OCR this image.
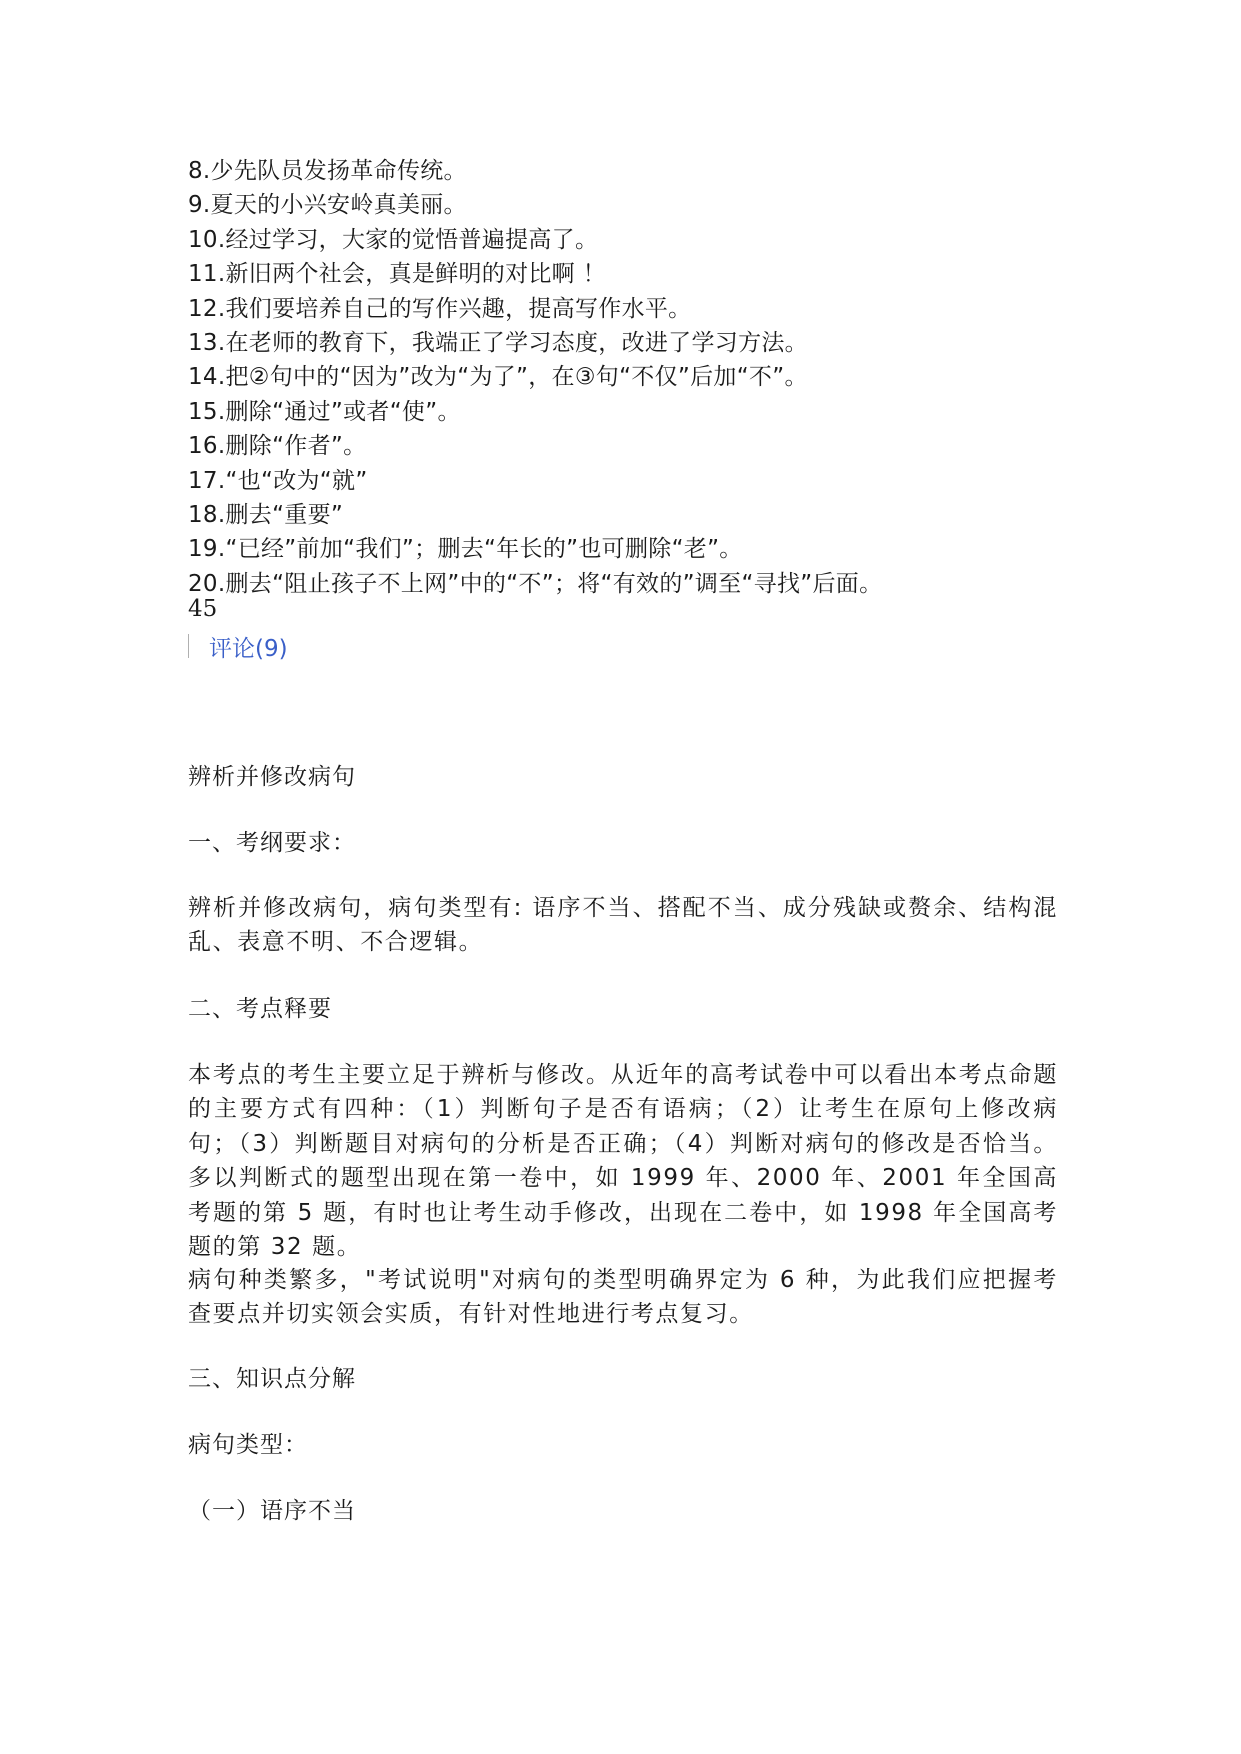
8.少先队员发扬革命传统。
9.夏天的小兴安岭真美丽。
10.经过学习，大家的觉悟普遍提高了。
11.新旧两个社会，真是鲜明的对比啊 ！
12.我们要培养自己的写作兴趣，提高写作水平。
13.在老师的教育下，我端正了学习态度，改进了学习方法。
14.把②句中的“因为”改为“为了”，在③句“不仅”后加“不”。
15.删除“通过”或者“使”。
16.删除“作者”。
17.“也“改为“就”
18.删去“重要”
19.“已经”前加“我们”；删去“年长的”也可删除“老”。
20.删去“阻止孩子不上网”中的“不”；将“有效的”调至“寻找”后面。
45
评论(9)
辨析并修改病句
一、考纲要求：
辨析并修改病句，病句类型有: 语序不当、搭配不当、成分残缺或赘余、结构混乱、表意不明、不合逻辑。
二、考点释要
本考点的考生主要立足于辨析与修改。从近年的高考试卷中可以看出本考点命题的主要方式有四种：（1）判断句子是否有语病；（2）让考生在原句上修改病句；（3）判断题目对病句的分析是否正确；（4）判断对病句的修改是否恰当。多以判断式的题型出现在第一卷中，如 1999 年、2000 年、2001 年全国高考题的第 5 题，有时也让考生动手修改，出现在二卷中，如 1998 年全国高考题的第 32 题。
病句种类繁多，"考试说明"对病句的类型明确界定为 6 种，为此我们应把握考查要点并切实领会实质，有针对性地进行考点复习。
三、知识点分解
病句类型：
（一）语序不当
